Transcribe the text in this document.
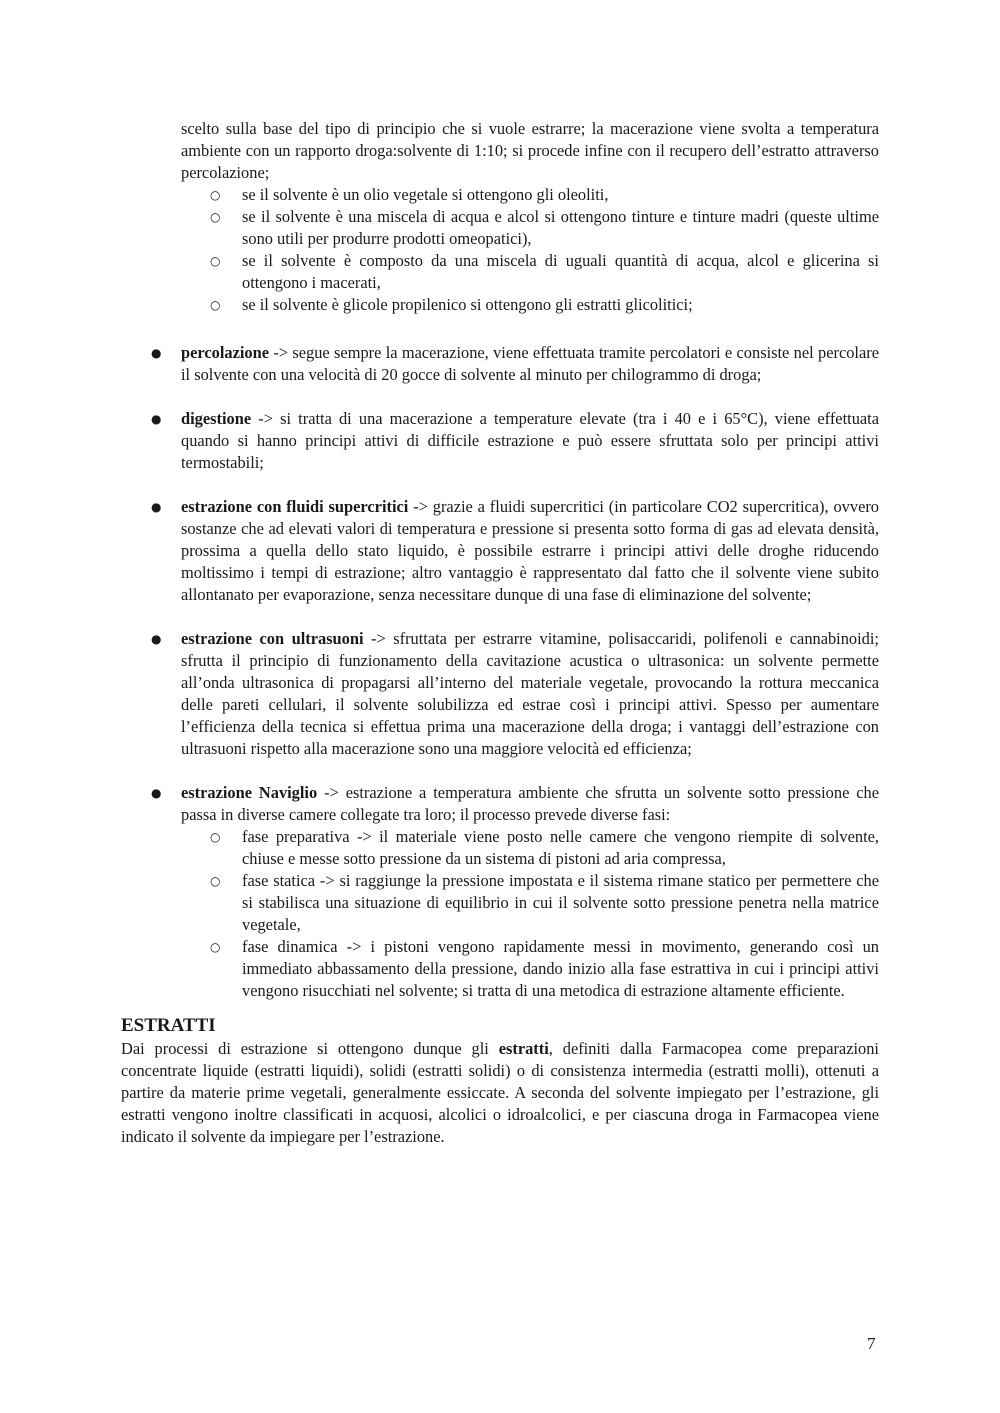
scelto sulla base del tipo di principio che si vuole estrarre; la macerazione viene svolta a temperatura ambiente con un rapporto droga:solvente di 1:10; si procede infine con il recupero dell’estratto attraverso percolazione;

○ se il solvente è un olio vegetale si ottengono gli oleoliti,

○ se il solvente è una miscela di acqua e alcol si ottengono tinture e tinture madri (queste ultime sono utili per produrre prodotti omeopatici),

○ se il solvente è composto da una miscela di uguali quantità di acqua, alcol e glicerina si ottengono i macerati,

○ se il solvente è glicole propilenico si ottengono gli estratti glicolitici;

● percolazione -> segue sempre la macerazione, viene effettuata tramite percolatori e consiste nel percolare il solvente con una velocità di 20 gocce di solvente al minuto per chilogrammo di droga;
● digestione -> si tratta di una macerazione a temperature elevate (tra i 40 e i 65°C), viene effettuata quando si hanno principi attivi di difficile estrazione e può essere sfruttata solo per principi attivi termostabili;
● estrazione con fluidi supercritici -> grazie a fluidi supercritici (in particolare CO2 supercritica), ovvero sostanze che ad elevati valori di temperatura e pressione si presenta sotto forma di gas ad elevata densità, prossima a quella dello stato liquido, è possibile estrarre i principi attivi delle droghe riducendo moltissimo i tempi di estrazione; altro vantaggio è rappresentato dal fatto che il solvente viene subito allontanato per evaporazione, senza necessitare dunque di una fase di eliminazione del solvente;
● estrazione con ultrasuoni -> sfruttata per estrarre vitamine, polisaccaridi, polifenoli e cannabinoidi; sfrutta il principio di funzionamento della cavitazione acustica o ultrasonica: un solvente permette all’onda ultrasonica di propagarsi all’interno del materiale vegetale, provocando la rottura meccanica delle pareti cellulari, il solvente solubilizza ed estrae così i principi attivi. Spesso per aumentare l’efficienza della tecnica si effettua prima una macerazione della droga; i vantaggi dell’estrazione con ultrasuoni rispetto alla macerazione sono una maggiore velocità ed efficienza;
● estrazione Naviglio -> estrazione a temperatura ambiente che sfrutta un solvente sotto pressione che passa in diverse camere collegate tra loro; il processo prevede diverse fasi:

○ fase preparativa -> il materiale viene posto nelle camere che vengono riempite di solvente, chiuse e messe sotto pressione da un sistema di pistoni ad aria compressa,

○ fase statica -> si raggiunge la pressione impostata e il sistema rimane statico per permettere che si stabilisca una situazione di equilibrio in cui il solvente sotto pressione penetra nella matrice vegetale,

○ fase dinamica -> i pistoni vengono rapidamente messi in movimento, generando così un immediato abbassamento della pressione, dando inizio alla fase estrattiva in cui i principi attivi vengono risucchiati nel solvente; si tratta di una metodica di estrazione altamente efficiente.

ESTRATTI

Dai processi di estrazione si ottengono dunque gli estratti, definiti dalla Farmacopea come preparazioni concentrate liquide (estratti liquidi), solidi (estratti solidi) o di consistenza intermedia (estratti molli), ottenuti a partire da materie prime vegetali, generalmente essiccate. A seconda del solvente impiegato per l’estrazione, gli estratti vengono inoltre classificati in acquosi, alcolici o idroalcolici, e per ciascuna droga in Farmacopea viene indicato il solvente da impiegare per l’estrazione.

7
